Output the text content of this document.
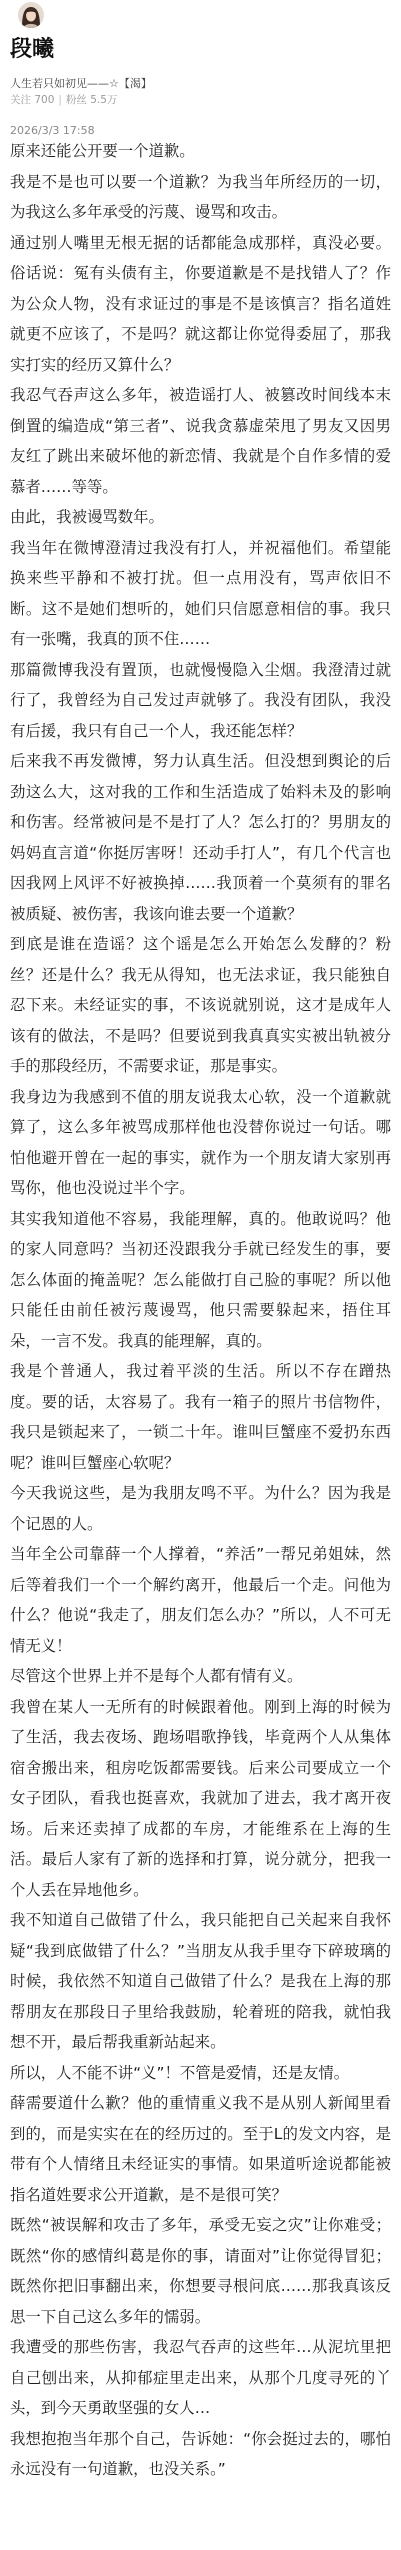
段曦
人生若只如初见——☆【渴】
关注 700 | 粉丝 5.5万
2026/3/3 17:58

原来还能公开要一个道歉。

我是不是也可以要一个道歉？为我当年所经历的一切，为我这么多年承受的污蔑、谩骂和攻击。

通过别人嘴里无根无据的话都能急成那样，真没必要。俗话说：冤有头债有主，你要道歉是不是找错人了？作为公众人物，没有求证过的事是不是该慎言？指名道姓就更不应该了，不是吗？就这都让你觉得委屈了，那我实打实的经历又算什么？

我忍气吞声这么多年，被造谣打人、被篡改时间线本末倒置的编造成“第三者”、说我贪慕虚荣甩了男友又因男友红了跳出来破坏他的新恋情、我就是个自作多情的爱慕者……等等。

由此，我被谩骂数年。

我当年在微博澄清过我没有打人，并祝福他们。希望能换来些平静和不被打扰。但一点用没有，骂声依旧不断。这不是她们想听的，她们只信愿意相信的事。我只有一张嘴，我真的顶不住……

那篇微博我没有置顶，也就慢慢隐入尘烟。我澄清过就行了，我曾经为自己发过声就够了。我没有团队，我没有后援，我只有自己一个人，我还能怎样？

后来我不再发微博，努力认真生活。但没想到舆论的后劲这么大，这对我的工作和生活造成了始料未及的影响和伤害。经常被问是不是打了人？怎么打的？男朋友的妈妈直言道“你挺厉害呀！还动手打人”，有几个代言也因我网上风评不好被换掉……我顶着一个莫须有的罪名被质疑、被伤害，我该向谁去要一个道歉？

到底是谁在造谣？这个谣是怎么开始怎么发酵的？粉丝？还是什么？我无从得知，也无法求证，我只能独自忍下来。未经证实的事，不该说就别说，这才是成年人该有的做法，不是吗？但要说到我真真实实被出轨被分手的那段经历，不需要求证，那是事实。

我身边为我感到不值的朋友说我太心软，没一个道歉就算了，这么多年被骂成那样他也没替你说过一句话。哪怕他避开曾在一起的事实，就作为一个朋友请大家别再骂你，他也没说过半个字。

其实我知道他不容易，我能理解，真的。他敢说吗？他的家人同意吗？当初还没跟我分手就已经发生的事，要怎么体面的掩盖呢？怎么能做打自己脸的事呢？所以他只能任由前任被污蔑谩骂，他只需要躲起来，捂住耳朵，一言不发。我真的能理解，真的。

我是个普通人，我过着平淡的生活。所以不存在蹭热度。要的话，太容易了。我有一箱子的照片书信物件，我只是锁起来了，一锁二十年。谁叫巨蟹座不爱扔东西呢？谁叫巨蟹座心软呢？

今天我说这些，是为我朋友鸣不平。为什么？因为我是个记恩的人。

当年全公司靠薛一个人撑着，“养活”一帮兄弟姐妹，然后等着我们一个一个解约离开，他最后一个走。问他为什么？他说“我走了，朋友们怎么办？”所以，人不可无情无义！

尽管这个世界上并不是每个人都有情有义。

我曾在某人一无所有的时候跟着他。刚到上海的时候为了生活，我去夜场、跑场唱歌挣钱，毕竟两个人从集体宿舍搬出来，租房吃饭都需要钱。后来公司要成立一个女子团队，看我也挺喜欢，我就加了进去，我才离开夜场。后来还卖掉了成都的车房，才能维系在上海的生活。最后人家有了新的选择和打算，说分就分，把我一个人丢在异地他乡。

我不知道自己做错了什么，我只能把自己关起来自我怀疑“我到底做错了什么？”当朋友从我手里夺下碎玻璃的时候，我依然不知道自己做错了什么？是我在上海的那帮朋友在那段日子里给我鼓励，轮着班的陪我，就怕我想不开，最后帮我重新站起来。

所以，人不能不讲“义”！不管是爱情，还是友情。

薛需要道什么歉？他的重情重义我不是从别人新闻里看到的，而是实实在在的经历过的。至于L的发文内容，是带有个人情绪且未经证实的事情。如果道听途说都能被指名道姓要求公开道歉，是不是很可笑？

既然“被误解和攻击了多年，承受无妄之灾”让你难受；既然“你的感情纠葛是你的事，请面对”让你觉得冒犯；既然你把旧事翻出来，你想要寻根问底……那我真该反思一下自己这么多年的懦弱。

我遭受的那些伤害，我忍气吞声的这些年…从泥坑里把自己刨出来，从抑郁症里走出来，从那个几度寻死的丫头，到今天勇敢坚强的女人…

我想抱抱当年那个自己，告诉她：“你会挺过去的，哪怕永远没有一句道歉，也没关系。”
